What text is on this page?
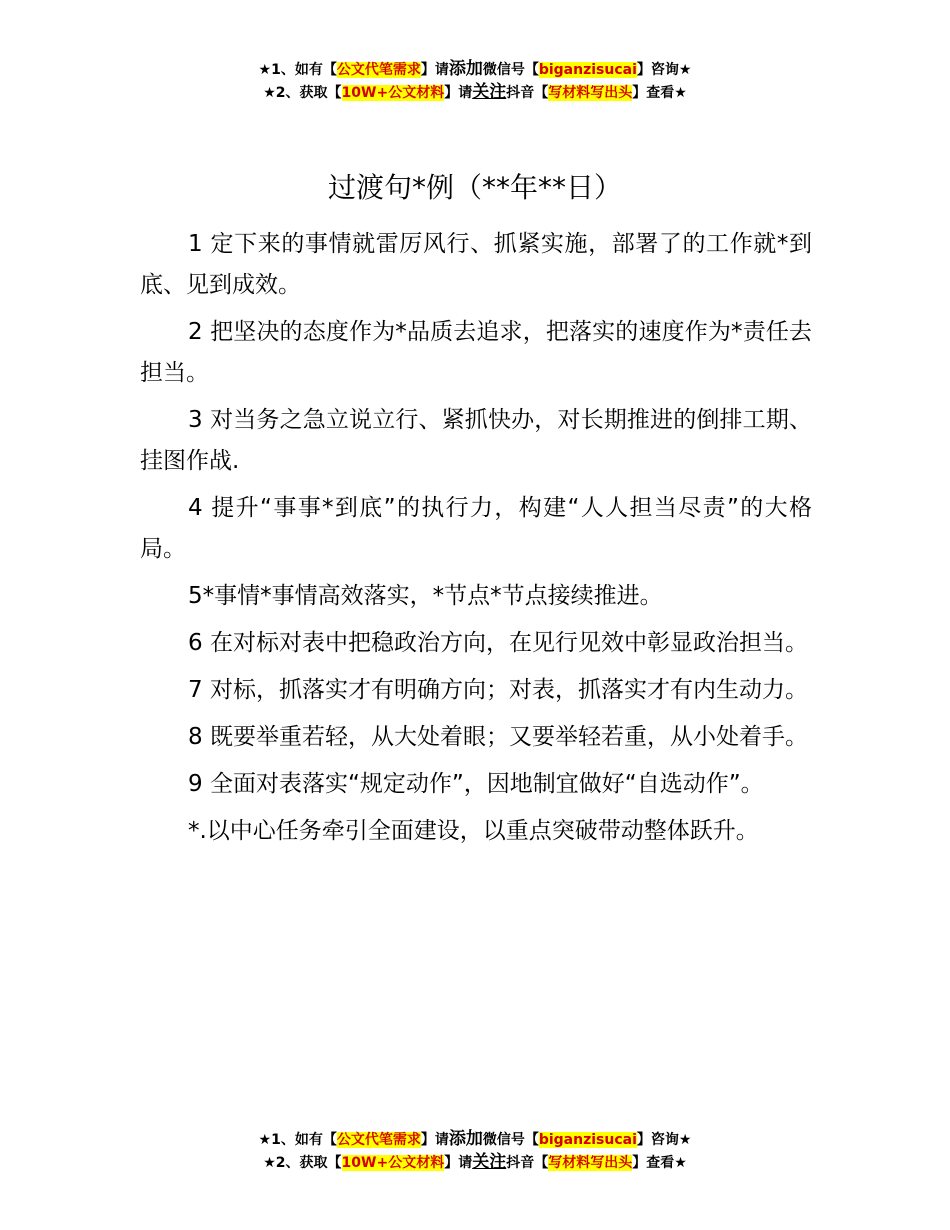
★1、如有【公文代笔需求】请添加微信号【biganzisucai】咨询★
★2、获取【10W+公文材料】请关注抖音【写材料写出头】查看★
过渡句*例（**年**日）

1 定下来的事情就雷厉风行、抓紧实施，部署了的工作就*到底、见到成效。

2 把坚决的态度作为*品质去追求，把落实的速度作为*责任去担当。

3 对当务之急立说立行、紧抓快办，对长期推进的倒排工期、挂图作战.

4 提升“事事*到底”的执行力，构建“人人担当尽责”的大格局。

5*事情*事情高效落实，*节点*节点接续推进。

6 在对标对表中把稳政治方向，在见行见效中彰显政治担当。

7 对标，抓落实才有明确方向；对表，抓落实才有内生动力。

8 既要举重若轻，从大处着眼；又要举轻若重，从小处着手。

9 全面对表落实“规定动作”，因地制宜做好“自选动作”。

*.以中心任务牵引全面建设，以重点突破带动整体跃升。

★1、如有【公文代笔需求】请添加微信号【biganzisucai】咨询★
★2、获取【10W+公文材料】请关注抖音【写材料写出头】查看★
